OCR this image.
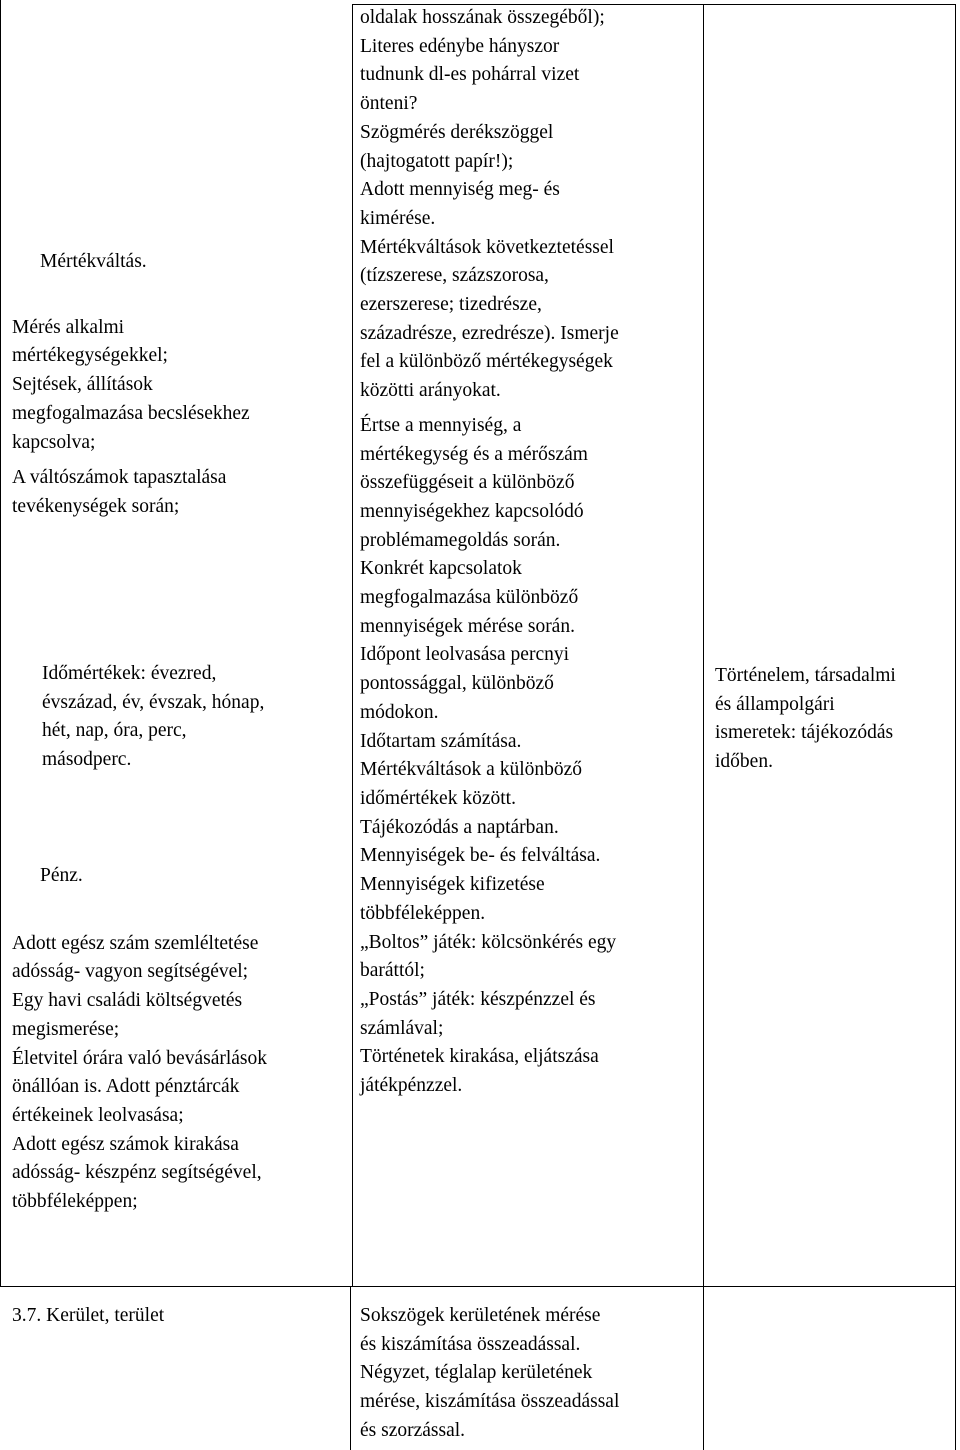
Mértékváltás.

Mérés alkalmi

mértékegységekkel;

Sejtések, állítások

megfogalmazása becslésekhez

kapcsolva;

A váltószámok tapasztalása

tevékenységek során;

Időmértékek: évezred,

évszázad, év, évszak, hónap,

hét, nap, óra, perc,

másodperc.

Pénz.

Adott egész szám szemléltetése

adósság- vagyon segítségével;

Egy havi családi költségvetés

megismerése;

Életvitel órára való bevásárlások

önállóan is. Adott pénztárcák

értékeinek leolvasása;

Adott egész számok kirakása

adósság- készpénz segítségével,

többféleképpen;

oldalak hosszának összegéből);

Literes edénybe hányszor

tudnunk dl-es pohárral vizet

önteni?

Szögmérés derékszöggel

(hajtogatott papír!);

Adott mennyiség meg- és

kimérése.

Mértékváltások következtetéssel

(tízszerese, százszorosa,

ezerszerese; tizedrésze,

századrésze, ezredrésze). Ismerje

fel a különböző mértékegységek

közötti arányokat.

Értse a mennyiség, a

mértékegység és a mérőszám

összefüggéseit a különböző

mennyiségekhez kapcsolódó

problémamegoldás során.

Konkrét kapcsolatok

megfogalmazása különböző

mennyiségek mérése során.

Időpont leolvasása percnyi

pontossággal, különböző

módokon.

Időtartam számítása.

Mértékváltások a különböző

időmértékek között.

Tájékozódás a naptárban.

Mennyiségek be- és felváltása.

Mennyiségek kifizetése

többféleképpen.

„Boltos” játék: kölcsönkérés egy

baráttól;

„Postás” játék: készpénzzel és

számlával;

Történetek kirakása, eljátszása

játékpénzzel.

Történelem, társadalmi

és állampolgári

ismeretek: tájékozódás

időben.

3.7. Kerület, terület	Sokszögek kerületének mérése

és kiszámítása összeadással.

Négyzet, téglalap kerületének

mérése, kiszámítása összeadással

és szorzással.
